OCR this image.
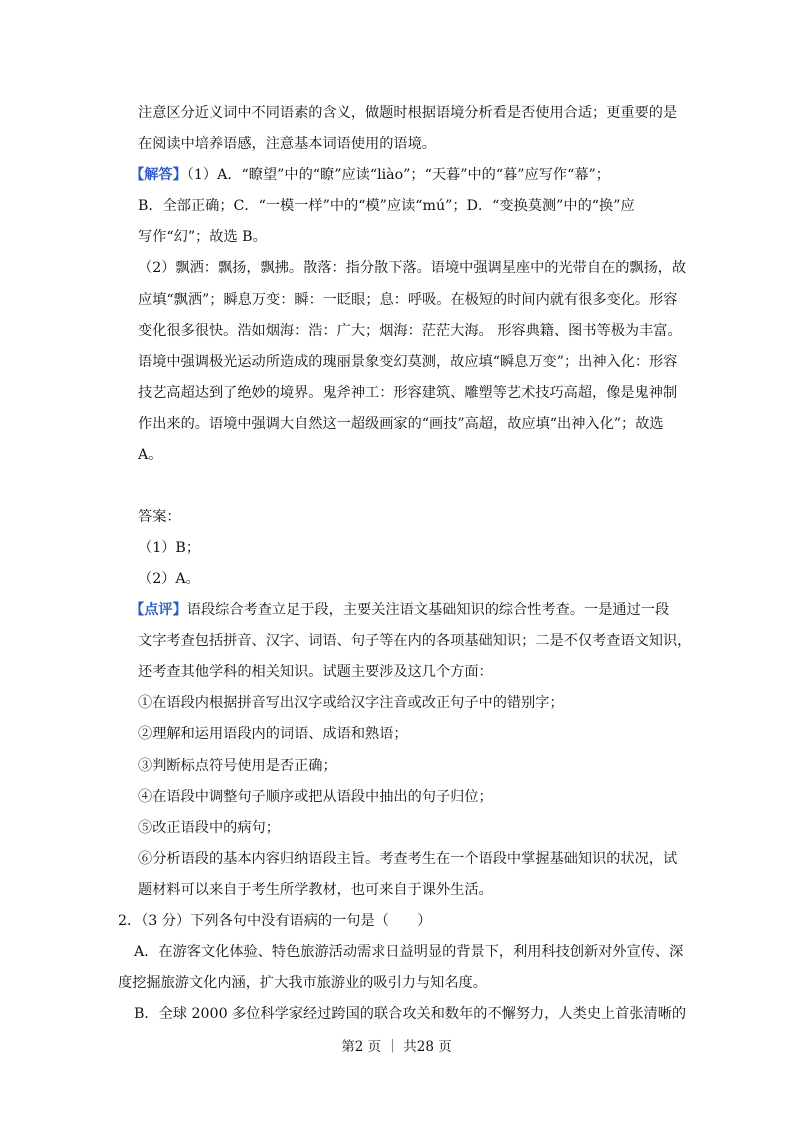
注意区分近义词中不同语素的含义，做题时根据语境分析看是否使用合适；更重要的是

在阅读中培养语感，注意基本词语使用的语境。

【解答】（1）A．“瞭望”中的“瞭”应读“liào”；“天暮”中的“暮”应写作“幕”；

B．全部正确；C．“一模一样”中的“模”应读“mú”；D．“变换莫测”中的“换”应

写作“幻”；故选 B。

（2）飘洒：飘扬，飘拂。散落：指分散下落。语境中强调星座中的光带自在的飘扬，故

应填“飘洒”；瞬息万变：瞬：一眨眼；息：呼吸。在极短的时间内就有很多变化。形容

变化很多很快。浩如烟海：浩：广大；烟海：茫茫大海。 形容典籍、图书等极为丰富。

语境中强调极光运动所造成的瑰丽景象变幻莫测，故应填“瞬息万变”；出神入化：形容

技艺高超达到了绝妙的境界。鬼斧神工：形容建筑、雕塑等艺术技巧高超，像是鬼神制

作出来的。语境中强调大自然这一超级画家的“画技”高超，故应填“出神入化”；故选

A。

答案：

（1）B；

（2）A。

【点评】语段综合考查立足于段，主要关注语文基础知识的综合性考查。一是通过一段

文字考查包括拼音、汉字、词语、句子等在内的各项基础知识；二是不仅考查语文知识，

还考查其他学科的相关知识。试题主要涉及这几个方面：

①在语段内根据拼音写出汉字或给汉字注音或改正句子中的错别字；

②理解和运用语段内的词语、成语和熟语；

③判断标点符号使用是否正确；

④在语段中调整句子顺序或把从语段中抽出的句子归位；

⑤改正语段中的病句；

⑥分析语段的基本内容归纳语段主旨。考查考生在一个语段中掌握基础知识的状况，试

题材料可以来自于考生所学教材，也可来自于课外生活。

2．（3 分）下列各句中没有语病的一句是（　　）

A．在游客文化体验、特色旅游活动需求日益明显的背景下，利用科技创新对外宣传、深

度挖掘旅游文化内涵，扩大我市旅游业的吸引力与知名度。

B．全球 2000 多位科学家经过跨国的联合攻关和数年的不懈努力，人类史上首张清晰的

第2 页 ｜ 共28 页
